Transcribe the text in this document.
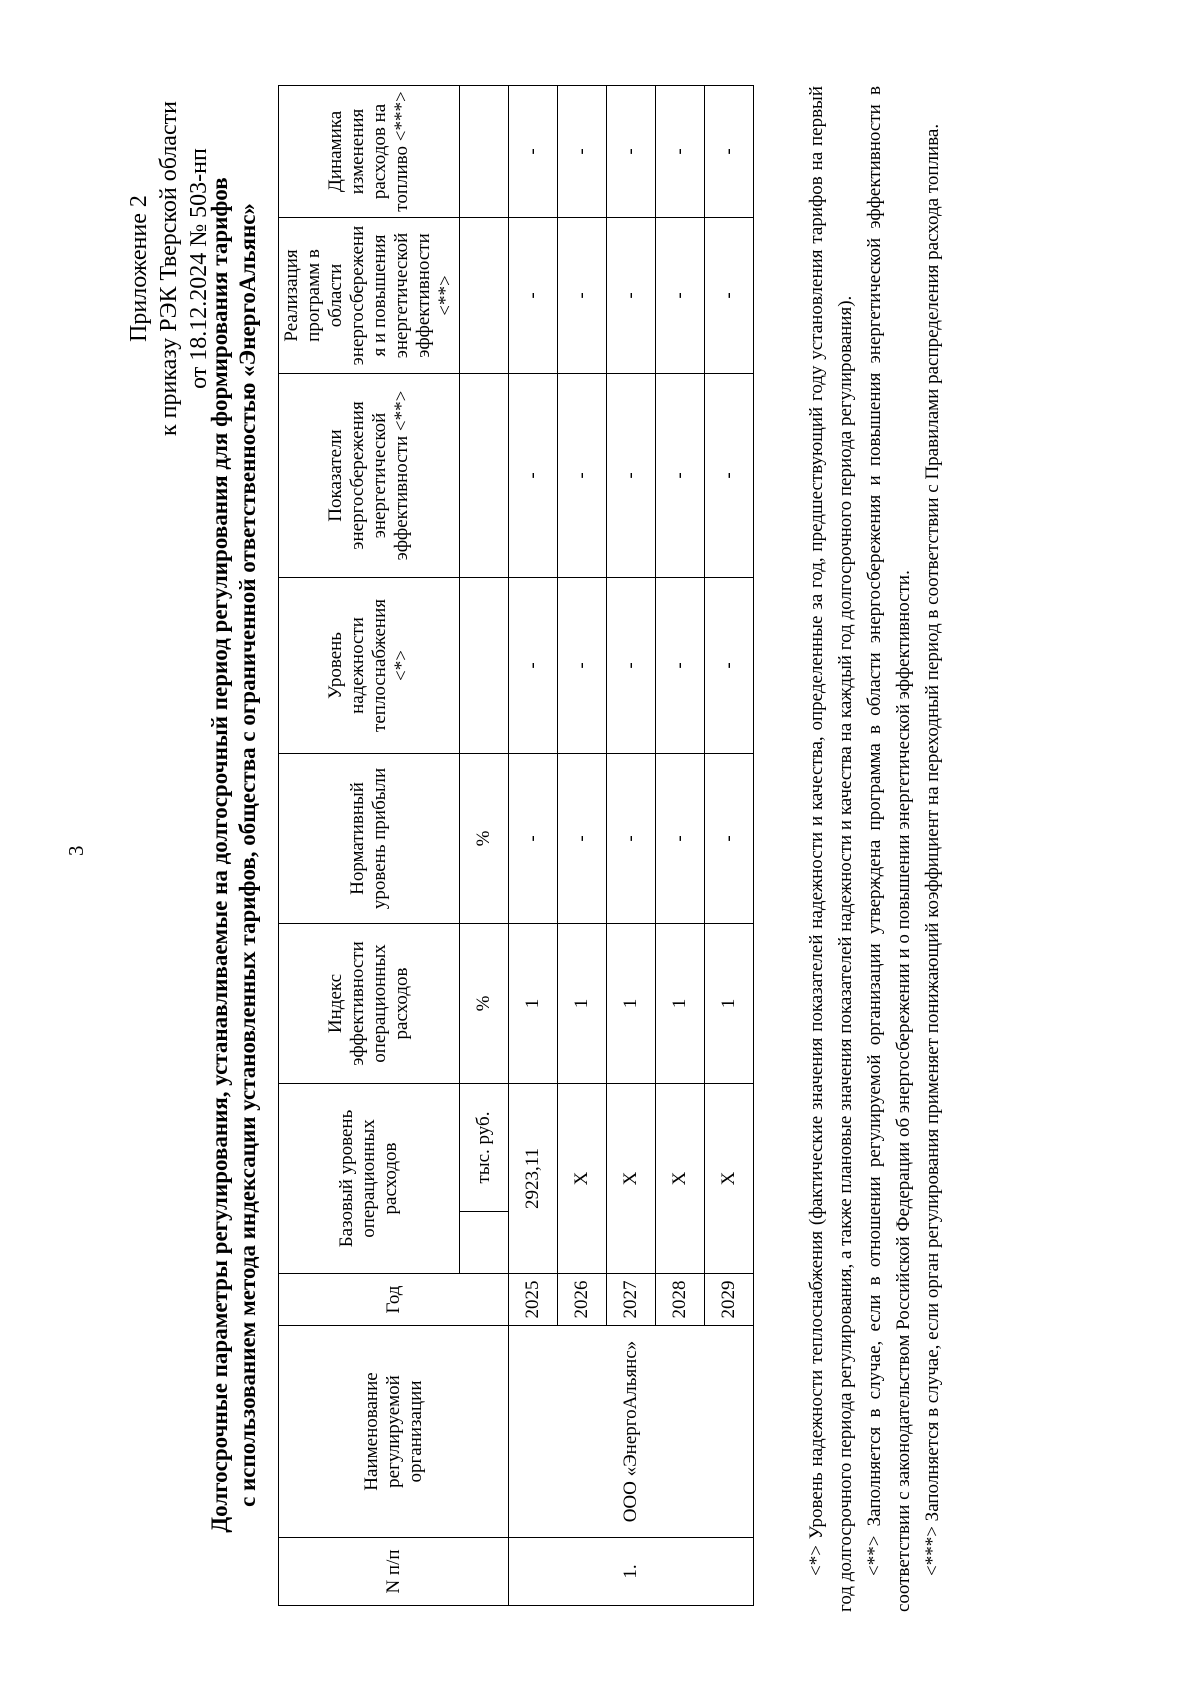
3
Приложение 2 к приказу РЭК Тверской области от 18.12.2024 № 503-нп
Долгосрочные параметры регулирования, устанавливаемые на долгосрочный период регулирования для формирования тарифов с использованием метода индексации установленных тарифов, общества с ограниченной ответственностью «ЭнергоАльянс»
N п/п	Наименование регулируемой организации	Год	Базовый уровень операционных расходов		Индекс эффективности операционных расходов	Нормативный уровень прибыли	Уровень надежности теплоснабжения <*>	Показатели энергосбережения энергетической эффективности <**>	Реализация программ в области энергосбережени я и повышения энергетической эффективности <**>	Динамика изменения расходов на топливо <***>
				тыс. руб.	%	%				
1.	ООО «ЭнергоАльянс»	2025	2923,11		1	-	-	-	-	-
		2026	Х		1	-	-	-	-	-
		2027	Х		1	-	-	-	-	-
		2028	Х		1	-	-	-	-	-
		2029	Х		1	-	-	-	-	-	<*> Уровень надежности теплоснабжения (фактические значения показателей надежности и качества, определенные за год, предшествующий году установления тарифов на первый год долгосрочного периода регулирования, а также плановые значения показателей надежности и качества на каждый год долгосрочного периода регулирования). <**> Заполняется в случае, если в отношении регулируемой организации утверждена программа в области энергосбережения и повышения энергетической эффективности в соответствии с законодательством Российской Федерации об энергосбережении и о повышении энергетической эффективности. <***> Заполняется в случае, если орган регулирования применяет понижающий коэффициент на переходный период в соответствии с Правилами распределения расхода топлива.
